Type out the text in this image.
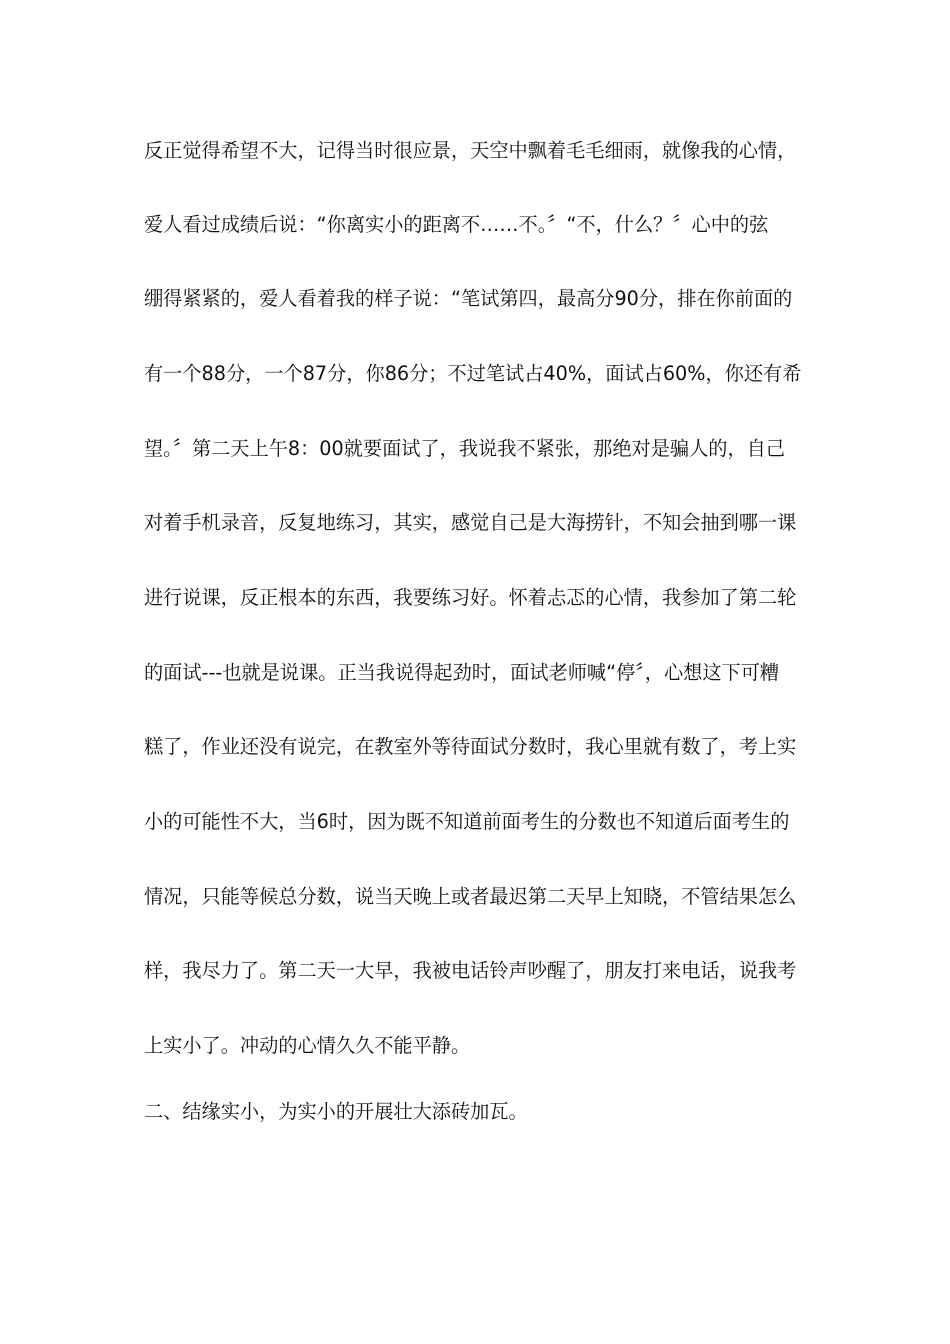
反正觉得希望不大，记得当时很应景，天空中飘着毛毛细雨，就像我的心情，
爱人看过成绩后说：“你离实小的距离不……不。〞“不，什么？〞心中的弦
绷得紧紧的，爱人看着我的样子说：“笔试第四，最高分90分，排在你前面的
有一个88分，一个87分，你86分；不过笔试占40%，面试占60%，你还有希
望。〞第二天上午8：00就要面试了，我说我不紧张，那绝对是骗人的，自己
对着手机录音，反复地练习，其实，感觉自己是大海捞针，不知会抽到哪一课
进行说课，反正根本的东西，我要练习好。怀着忐忑的心情，我参加了第二轮
的面试---也就是说课。正当我说得起劲时，面试老师喊“停〞，心想这下可糟
糕了，作业还没有说完，在教室外等待面试分数时，我心里就有数了，考上实
小的可能性不大，当6时，因为既不知道前面考生的分数也不知道后面考生的
情况，只能等候总分数，说当天晚上或者最迟第二天早上知晓，不管结果怎么
样，我尽力了。第二天一大早，我被电话铃声吵醒了，朋友打来电话，说我考
上实小了。冲动的心情久久不能平静。
二、结缘实小，为实小的开展壮大添砖加瓦。
